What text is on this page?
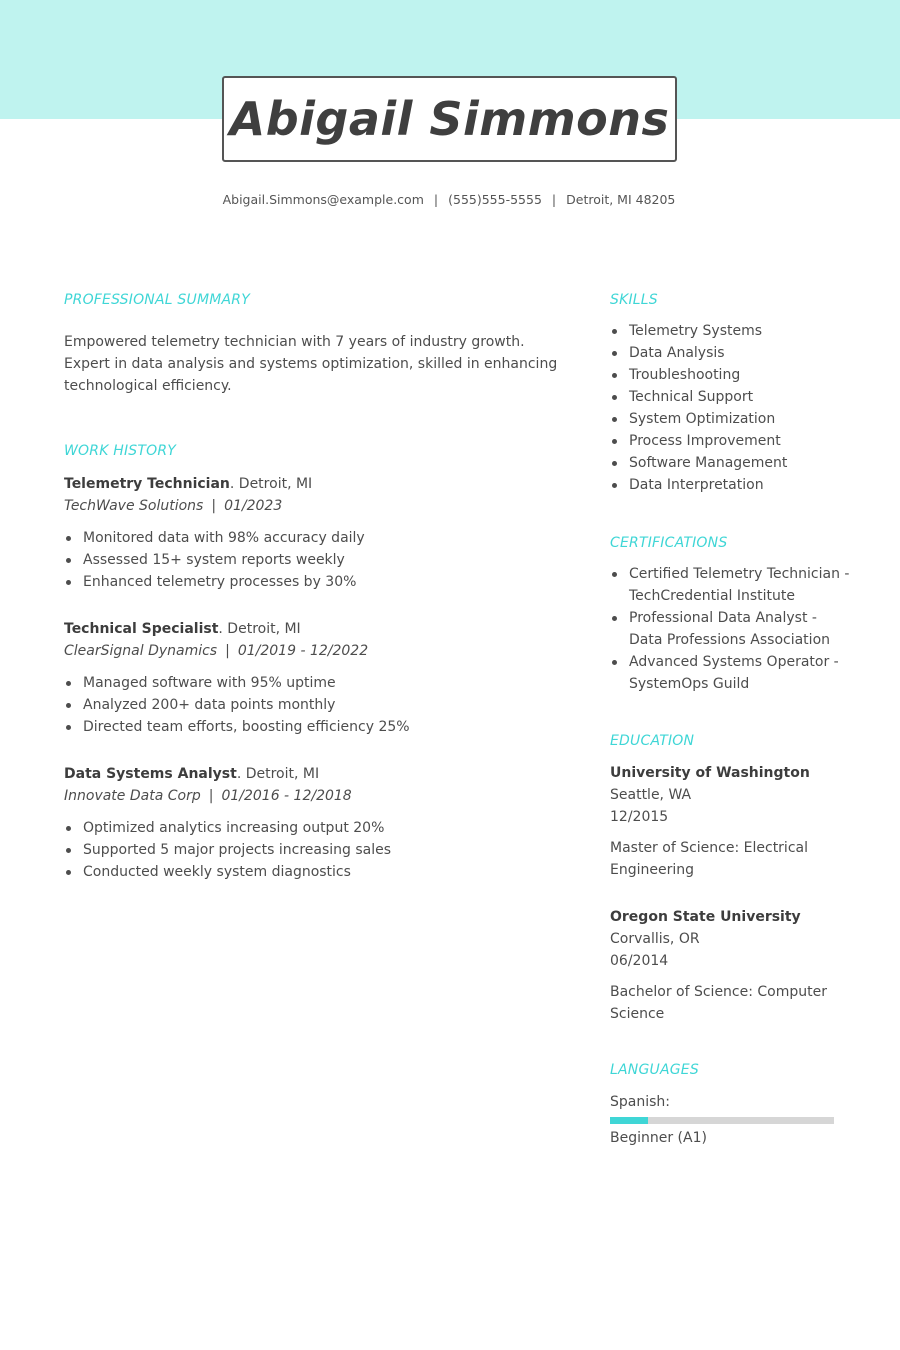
Abigail Simmons
Abigail.Simmons@example.com | (555)555-5555 | Detroit, MI 48205
PROFESSIONAL SUMMARY
Empowered telemetry technician with 7 years of industry growth. Expert in data analysis and systems optimization, skilled in enhancing technological efficiency.
WORK HISTORY
Telemetry Technician. Detroit, MI
TechWave Solutions | 01/2023
Monitored data with 98% accuracy daily
Assessed 15+ system reports weekly
Enhanced telemetry processes by 30%
Technical Specialist. Detroit, MI
ClearSignal Dynamics | 01/2019 - 12/2022
Managed software with 95% uptime
Analyzed 200+ data points monthly
Directed team efforts, boosting efficiency 25%
Data Systems Analyst. Detroit, MI
Innovate Data Corp | 01/2016 - 12/2018
Optimized analytics increasing output 20%
Supported 5 major projects increasing sales
Conducted weekly system diagnostics
SKILLS
Telemetry Systems
Data Analysis
Troubleshooting
Technical Support
System Optimization
Process Improvement
Software Management
Data Interpretation
CERTIFICATIONS
Certified Telemetry Technician - TechCredential Institute
Professional Data Analyst - Data Professions Association
Advanced Systems Operator - SystemOps Guild
EDUCATION
University of Washington
Seattle, WA
12/2015
Master of Science: Electrical Engineering
Oregon State University
Corvallis, OR
06/2014
Bachelor of Science: Computer Science
LANGUAGES
Spanish:
Beginner (A1)
